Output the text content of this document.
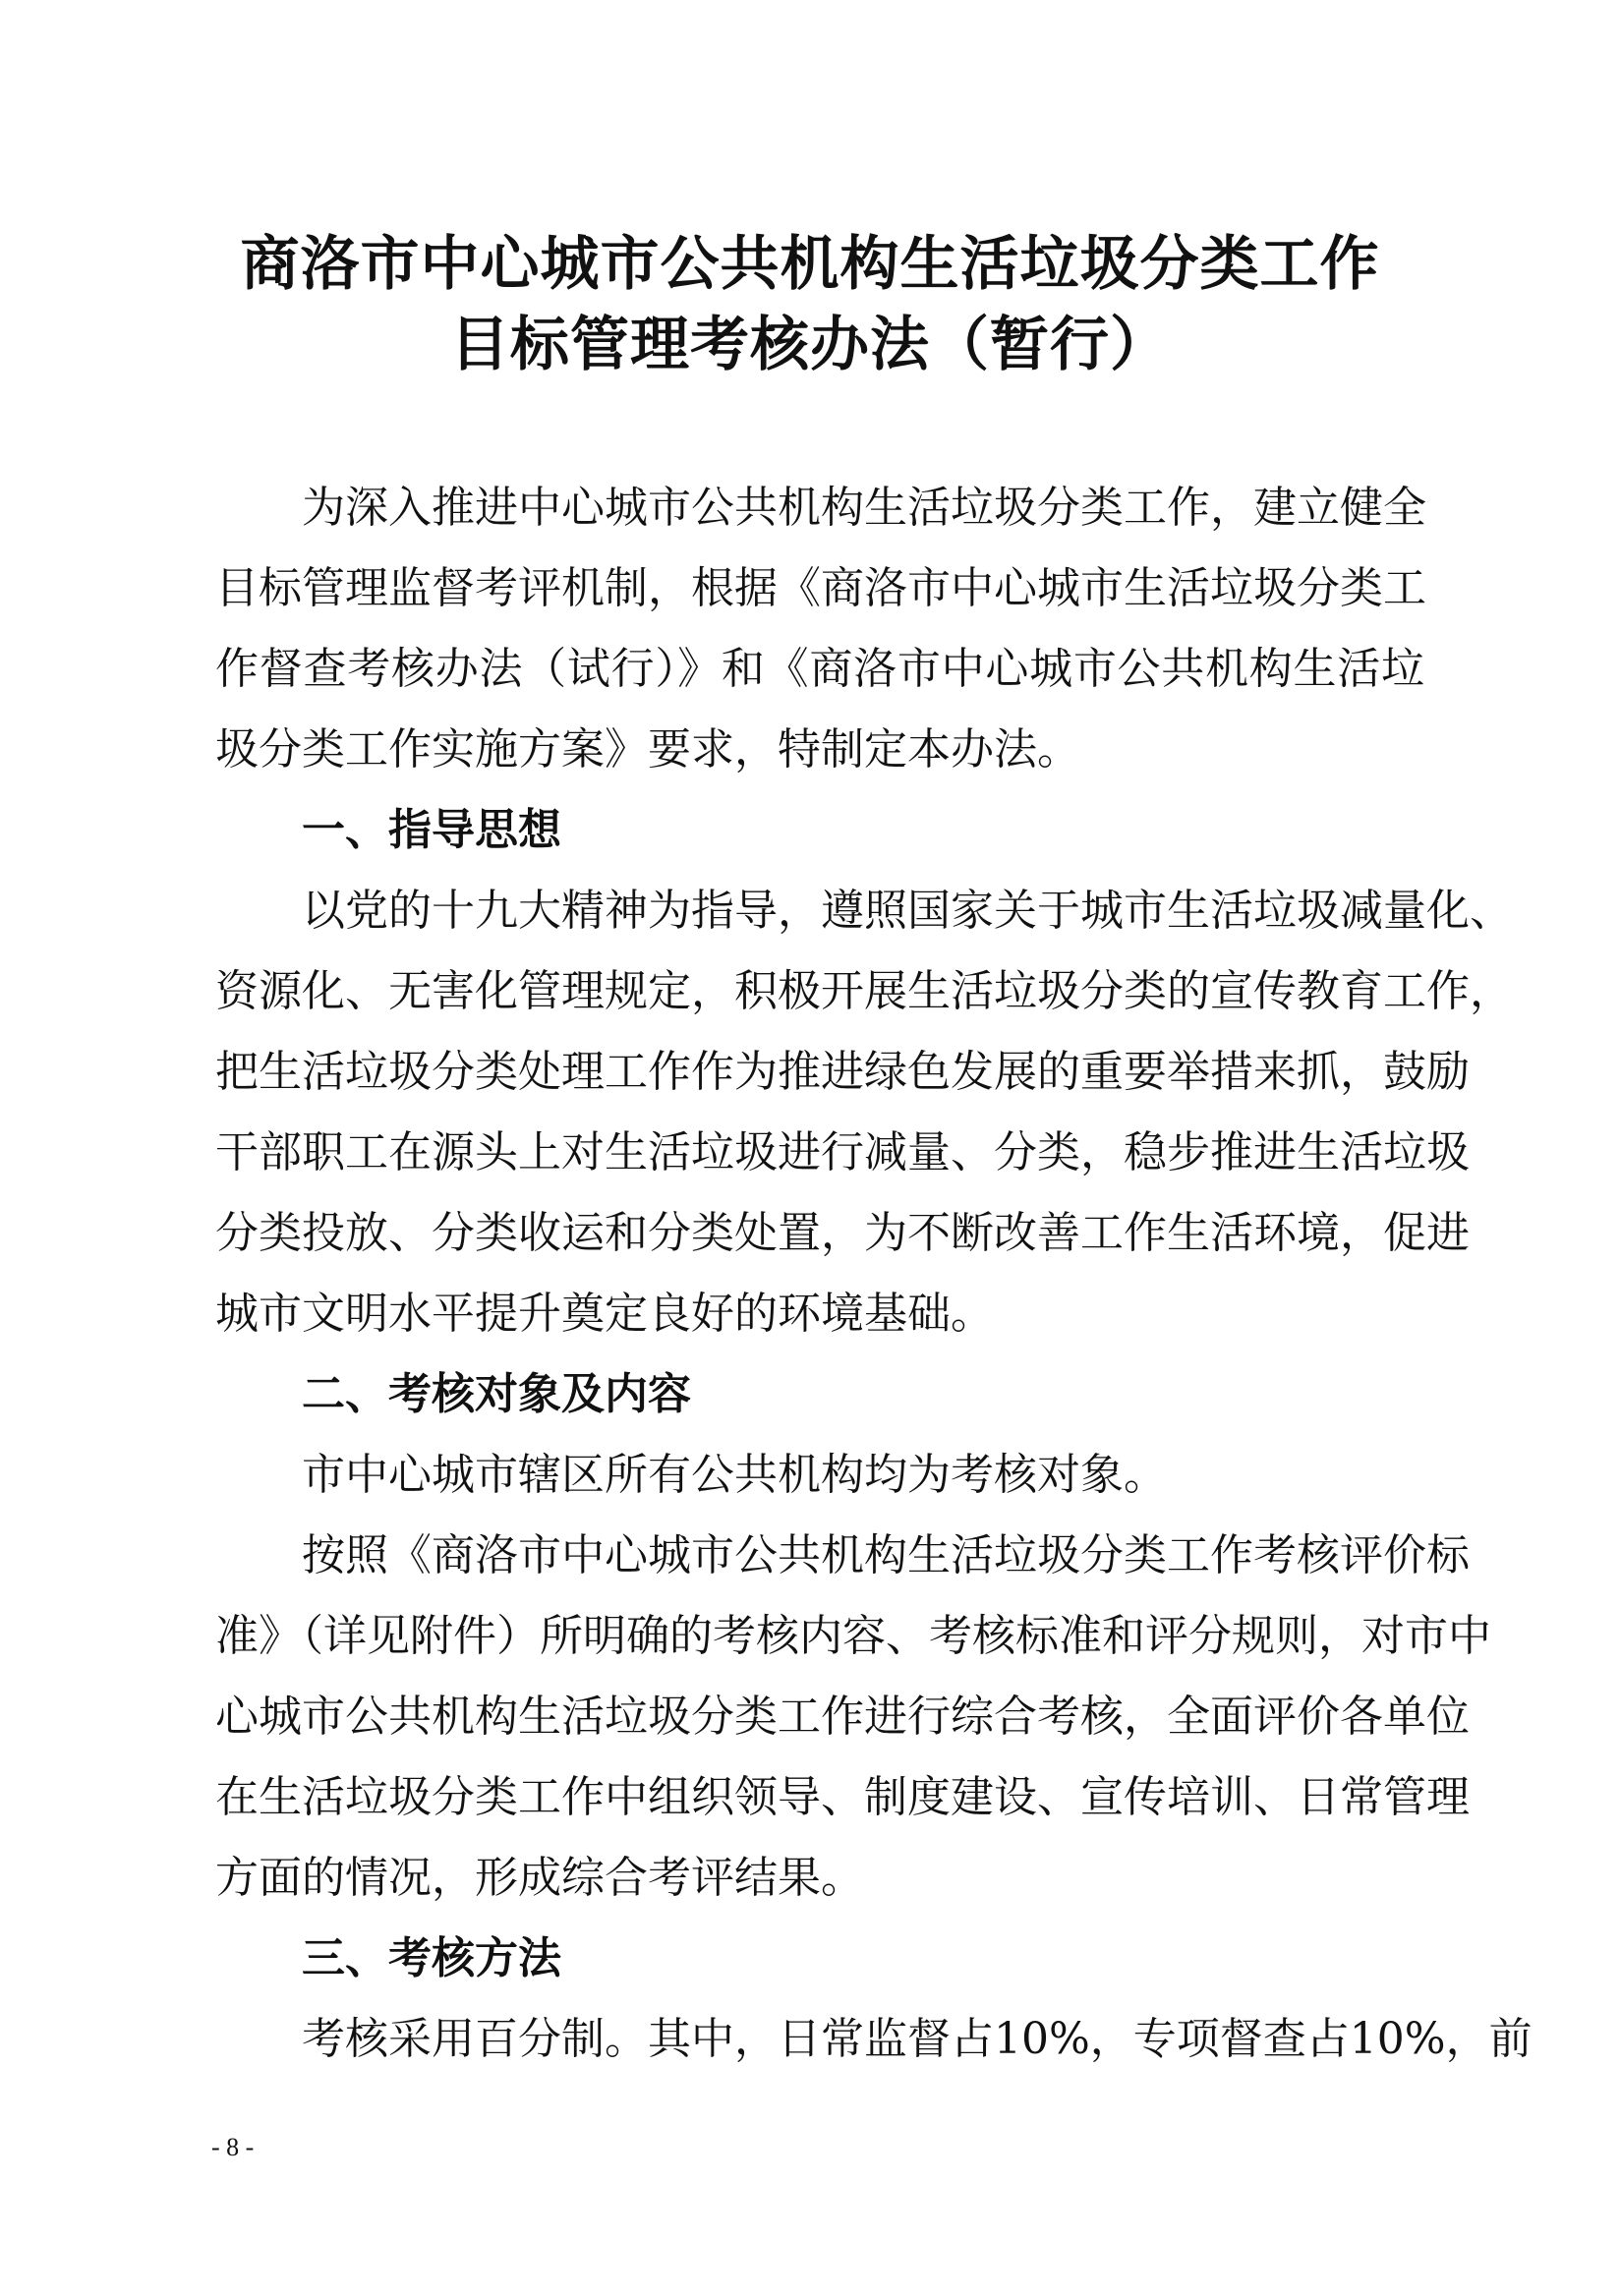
商洛市中心城市公共机构生活垃圾分类工作
目标管理考核办法（暂行）
为深入推进中心城市公共机构生活垃圾分类工作，建立健全
目标管理监督考评机制，根据《商洛市中心城市生活垃圾分类工
作督查考核办法（试行）》和《商洛市中心城市公共机构生活垃
圾分类工作实施方案》要求，特制定本办法。
一、指导思想
以党的十九大精神为指导，遵照国家关于城市生活垃圾减量化、
资源化、无害化管理规定，积极开展生活垃圾分类的宣传教育工作，
把生活垃圾分类处理工作作为推进绿色发展的重要举措来抓，鼓励
干部职工在源头上对生活垃圾进行减量、分类，稳步推进生活垃圾
分类投放、分类收运和分类处置，为不断改善工作生活环境，促进
城市文明水平提升奠定良好的环境基础。
二、考核对象及内容
市中心城市辖区所有公共机构均为考核对象。
按照《商洛市中心城市公共机构生活垃圾分类工作考核评价标
准》（详见附件）所明确的考核内容、考核标准和评分规则，对市中
心城市公共机构生活垃圾分类工作进行综合考核，全面评价各单位
在生活垃圾分类工作中组织领导、制度建设、宣传培训、日常管理
方面的情况，形成综合考评结果。
三、考核方法
考核采用百分制。其中，日常监督占10%，专项督查占10%，前
- 8 -
